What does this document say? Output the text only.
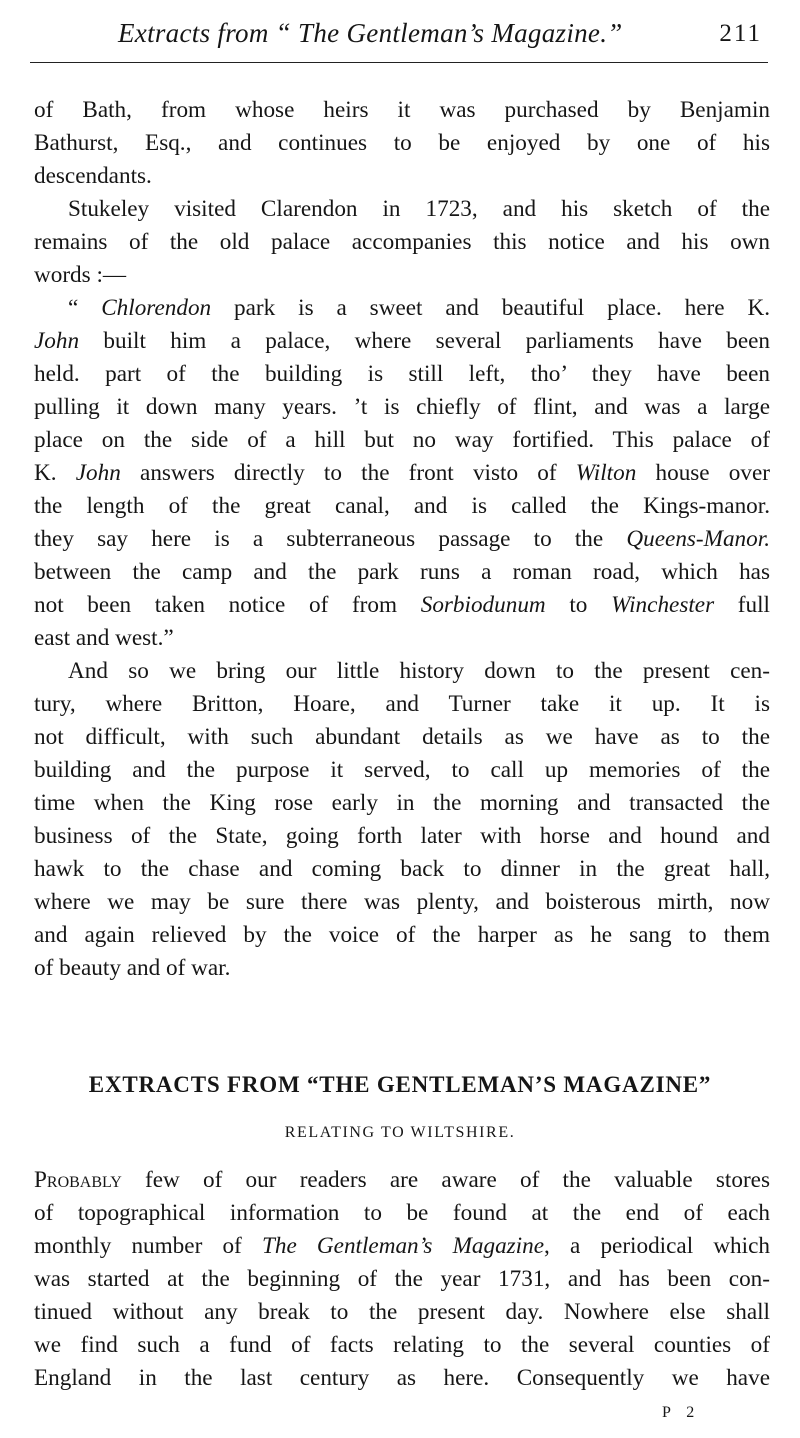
Extracts from “ The Gentleman’s Magazine.”	211
of Bath, from whose heirs it was purchased by Benjamin
Bathurst, Esq., and continues to be enjoyed by one of his
descendants.
Stukeley visited Clarendon in 1723, and his sketch of the
remains of the old palace accompanies this notice and his own
words :—
“ Chlorendon park is a sweet and beautiful place. here K.
John built him a palace, where several parliaments have been
held. part of the building is still left, tho’ they have been
pulling it down many years. ’t is chiefly of flint, and was a large
place on the side of a hill but no way fortified. This palace of
K. John answers directly to the front visto of Wilton house over
the length of the great canal, and is called the Kings-manor.
they say here is a subterraneous passage to the Queens-Manor.
between the camp and the park runs a roman road, which has
not been taken notice of from Sorbiodunum to Winchester full
east and west.”
And so we bring our little history down to the present cen-
tury, where Britton, Hoare, and Turner take it up. It is
not difficult, with such abundant details as we have as to the
building and the purpose it served, to call up memories of the
time when the King rose early in the morning and transacted the
business of the State, going forth later with horse and hound and
hawk to the chase and coming back to dinner in the great hall,
where we may be sure there was plenty, and boisterous mirth, now
and again relieved by the voice of the harper as he sang to them
of beauty and of war.
EXTRACTS FROM “THE GENTLEMAN’S MAGAZINE”
RELATING TO WILTSHIRE.
Probably few of our readers are aware of the valuable stores
of topographical information to be found at the end of each
monthly number of The Gentleman’s Magazine, a periodical which
was started at the beginning of the year 1731, and has been con-
tinued without any break to the present day. Nowhere else shall
we find such a fund of facts relating to the several counties of
England in the last century as here. Consequently we have
P 2
